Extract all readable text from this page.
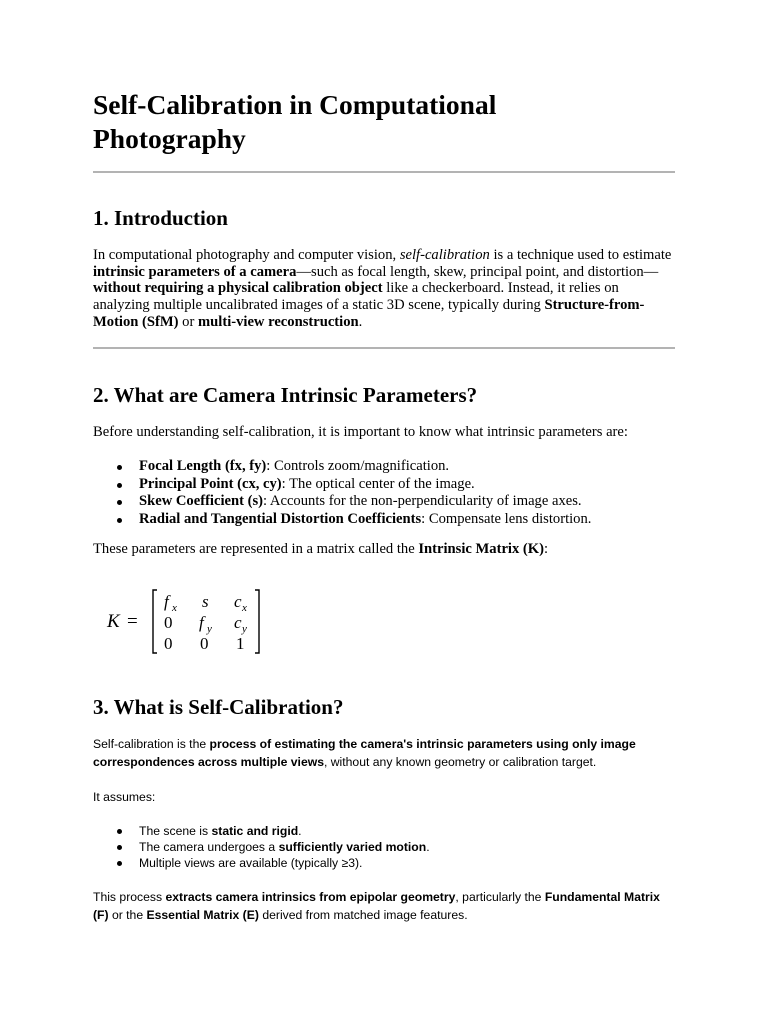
Self-Calibration in Computational Photography
1. Introduction

In computational photography and computer vision, self-calibration is a technique used to estimate intrinsic parameters of a camera—such as focal length, skew, principal point, and distortion—without requiring a physical calibration object like a checkerboard. Instead, it relies on analyzing multiple uncalibrated images of a static 3D scene, typically during Structure-from-Motion (SfM) or multi-view reconstruction.

2. What are Camera Intrinsic Parameters?

Before understanding self-calibration, it is important to know what intrinsic parameters are:

Focal Length (fx, fy): Controls zoom/magnification.
Principal Point (cx, cy): The optical center of the image.
Skew Coefficient (s): Accounts for the non-perpendicularity of image axes.
Radial and Tangential Distortion Coefficients: Compensate lens distortion.

These parameters are represented in a matrix called the Intrinsic Matrix (K):

K =
f x s c x
0 f y c y
0 0 1
3. What is Self-Calibration?

Self-calibration is the process of estimating the camera's intrinsic parameters using only image correspondences across multiple views, without any known geometry or calibration target.

It assumes:

The scene is static and rigid.
The camera undergoes a sufficiently varied motion.
Multiple views are available (typically ≥3).

This process extracts camera intrinsics from epipolar geometry, particularly the Fundamental Matrix (F) or the Essential Matrix (E) derived from matched image features.
